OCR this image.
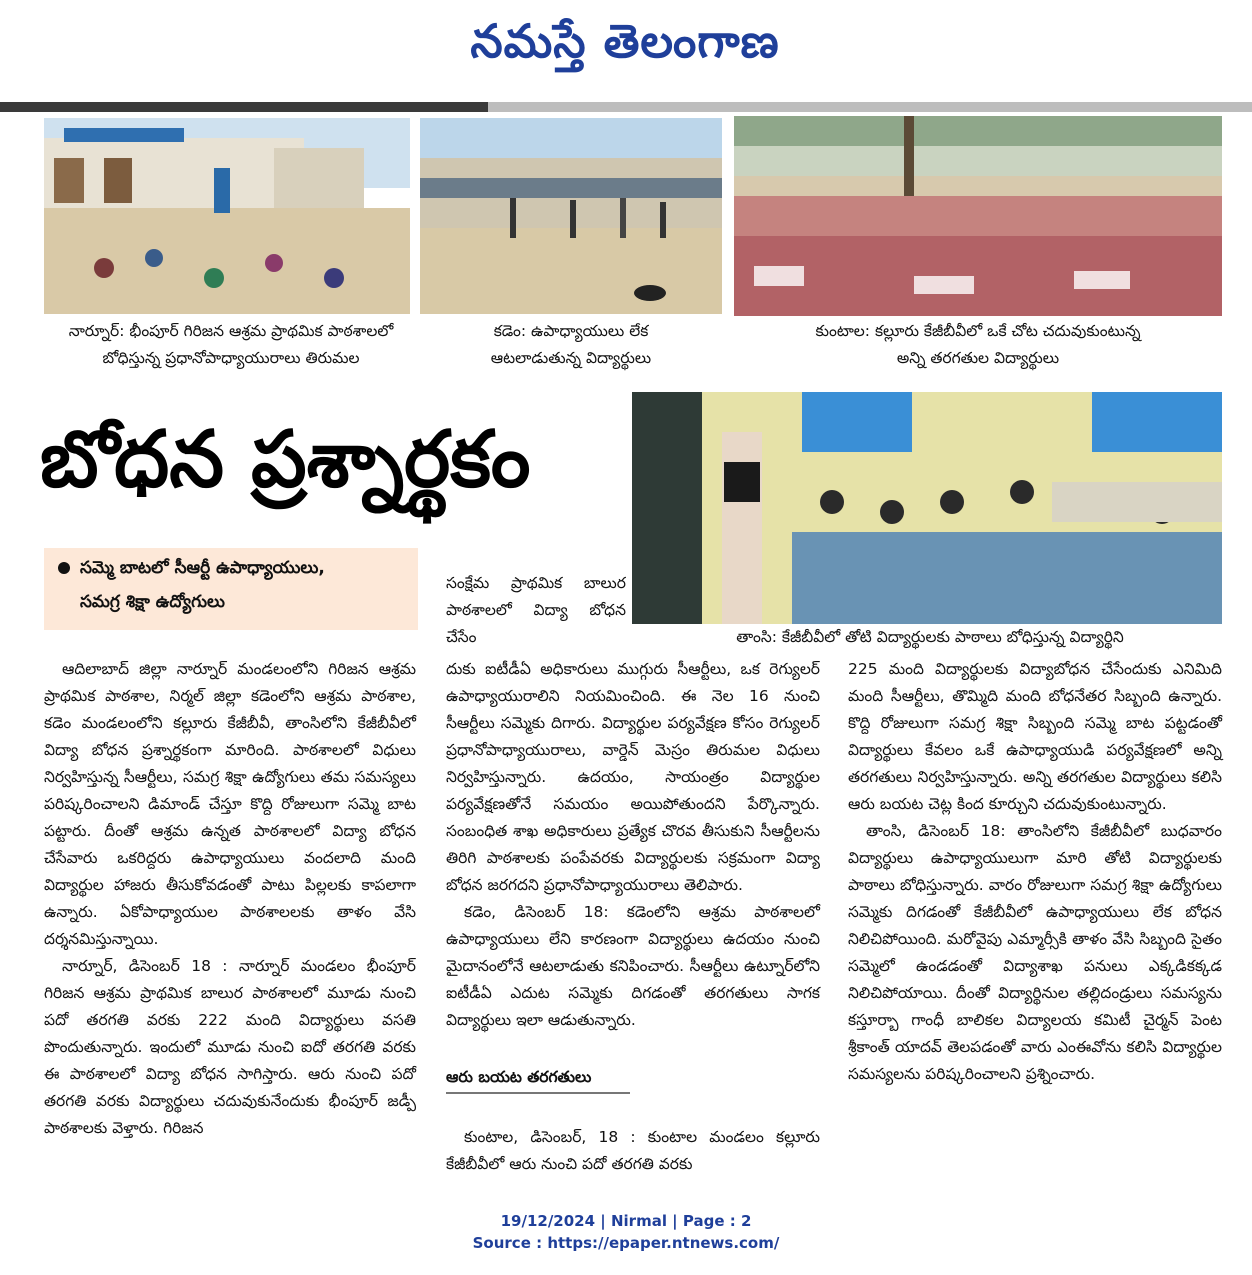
నమస్తే తెలంగాణ
నార్నూర్: భీంపూర్ గిరిజన ఆశ్రమ ప్రాథమిక పాఠశాలలో
బోధిస్తున్న ప్రధానోపాధ్యాయురాలు తిరుమల
కడెం: ఉపాధ్యాయులు లేక
ఆటలాడుతున్న విద్యార్థులు
కుంటాల: కల్లూరు కేజీబీవీలో ఒకే చోట చదువుకుంటున్న
అన్ని తరగతుల విద్యార్థులు
బోధన ప్రశ్నార్థకం
సమ్మె బాటలో సీఆర్టీ ఉపాధ్యాయులు,
సమగ్ర శిక్షా ఉద్యోగులు

ఆదిలాబాద్ జిల్లా నార్నూర్ మండలంలోని గిరిజన ఆశ్రమ ప్రాథమిక పాఠశాల, నిర్మల్ జిల్లా కడెంలోని ఆశ్రమ పాఠశాల, కడెం మండలంలోని కల్లూరు కేజీబీవీ, తాంసిలోని కేజీబీవీలో విద్యా బోధన ప్రశ్నార్థకంగా మారింది. పాఠశాలలో విధులు నిర్వహిస్తున్న సీఆర్టీలు, సమగ్ర శిక్షా ఉద్యోగులు తమ సమస్యలు పరిష్కరించాలని డిమాండ్ చేస్తూ కొద్ది రోజులుగా సమ్మె బాట పట్టారు. దీంతో ఆశ్రమ ఉన్నత పాఠశాలలో విద్యా బోధన చేసేవారు ఒకరిద్దరు ఉపాధ్యాయులు వందలాది మంది విద్యార్థుల హాజరు తీసుకోవడంతో పాటు పిల్లలకు కాపలాగా ఉన్నారు. ఏకోపాధ్యాయుల పాఠశాలలకు తాళం వేసి దర్శనమిస్తున్నాయి.

నార్నూర్, డిసెంబర్ 18 : నార్నూర్ మండలం భీంపూర్ గిరిజన ఆశ్రమ ప్రాథమిక బాలుర పాఠశాలలో మూడు నుంచి పదో తరగతి వరకు 222 మంది విద్యార్థులు వసతి పొందుతున్నారు. ఇందులో మూడు నుంచి ఐదో తరగతి వరకు ఈ పాఠశాలలో విద్యా బోధన సాగిస్తారు. ఆరు నుంచి పదో తరగతి వరకు విద్యార్థులు చదువుకునేందుకు భీంపూర్ జడ్పీ పాఠశాలకు వెళ్తారు. గిరిజన

సంక్షేమ ప్రాథమిక బాలుర పాఠశాలలో విద్యా బోధన చేసేం	తాంసి: కేజీబీవీలో తోటి విద్యార్థులకు పాఠాలు బోధిస్తున్న విద్యార్థిని

దుకు ఐటీడీఏ అధికారులు ముగ్గురు సీఆర్టీలు, ఒక రెగ్యులర్ ఉపాధ్యాయురాలిని నియమించింది. ఈ నెల 16 నుంచి సీఆర్టీలు సమ్మెకు దిగారు. విద్యార్థుల పర్యవేక్షణ కోసం రెగ్యులర్ ప్రధానోపాధ్యాయురాలు, వార్డెన్ మెస్రం తిరుమల విధులు నిర్వహిస్తున్నారు. ఉదయం, సాయంత్రం విద్యార్థుల పర్యవేక్షణతోనే సమయం అయిపోతుందని పేర్కొన్నారు. సంబంధిత శాఖ అధికారులు ప్రత్యేక చొరవ తీసుకుని సీఆర్టీలను తిరిగి పాఠశాలకు పంపేవరకు విద్యార్థులకు సక్రమంగా విద్యా బోధన జరగదని ప్రధానోపాధ్యాయురాలు తెలిపారు.

కడెం, డిసెంబర్ 18: కడెంలోని ఆశ్రమ పాఠశాలలో ఉపాధ్యాయులు లేని కారణంగా విద్యార్థులు ఉదయం నుంచి మైదానంలోనే ఆటలాడుతు కనిపించారు. సీఆర్టీలు ఉట్నూర్‌లోని ఐటీడీఏ ఎదుట సమ్మెకు దిగడంతో తరగతులు సాగక విద్యార్థులు ఇలా ఆడుతున్నారు.

ఆరు బయట తరగతులు

కుంటాల, డిసెంబర్, 18 : కుంటాల మండలం కల్లూరు కేజీబీవీలో ఆరు నుంచి పదో తరగతి వరకు

225 మంది విద్యార్థులకు విద్యాబోధన చేసేందుకు ఎనిమిది మంది సీఆర్టీలు, తొమ్మిది మంది బోధనేతర సిబ్బంది ఉన్నారు. కొద్ది రోజులుగా సమగ్ర శిక్షా సిబ్బంది సమ్మె బాట పట్టడంతో విద్యార్థులు కేవలం ఒకే ఉపాధ్యాయుడి పర్యవేక్షణలో అన్ని తరగతులు నిర్వహిస్తున్నారు. అన్ని తరగతుల విద్యార్థులు కలిసి ఆరు బయట చెట్ల కింద కూర్చుని చదువుకుంటున్నారు.

తాంసి, డిసెంబర్ 18: తాంసిలోని కేజీబీవీలో బుధవారం విద్యార్థులు ఉపాధ్యాయులుగా మారి తోటి విద్యార్థులకు పాఠాలు బోధిస్తున్నారు. వారం రోజులుగా సమగ్ర శిక్షా ఉద్యోగులు సమ్మెకు దిగడంతో కేజీబీవీలో ఉపాధ్యాయులు లేక బోధన నిలిచిపోయింది. మరోవైపు ఎమ్మార్సీకి తాళం వేసి సిబ్బంది సైతం సమ్మెలో ఉండడంతో విద్యాశాఖ పనులు ఎక్కడికక్కడ నిలిచిపోయాయి. దీంతో విద్యార్థినుల తల్లిదండ్రులు సమస్యను కస్తూర్బా గాంధీ బాలికల విద్యాలయ కమిటీ చైర్మన్ పెంట శ్రీకాంత్ యాదవ్ తెలపడంతో వారు ఎంఈవోను కలిసి విద్యార్థుల సమస్యలను పరిష్కరించాలని ప్రశ్నించారు.

19/12/2024 | Nirmal | Page : 2
Source : https://epaper.ntnews.com/
